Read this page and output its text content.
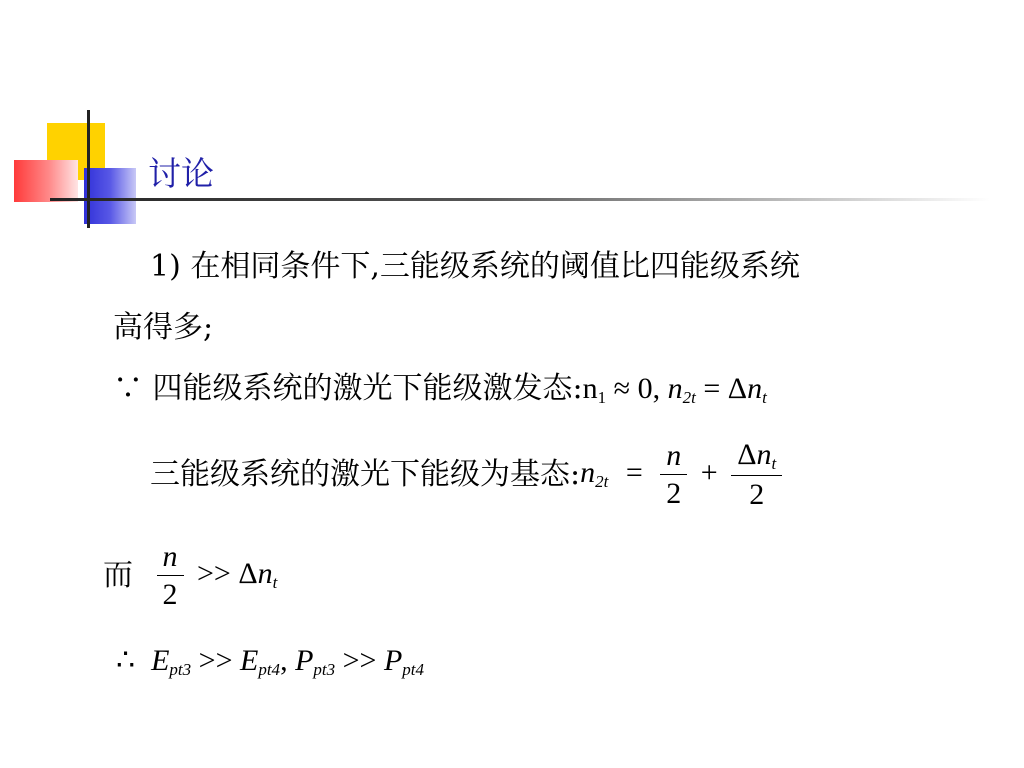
讨论
1) 在相同条件下,三能级系统的阈值比四能级系统
高得多;
∵ 四能级系统的激光下能级激发态$:n_1 \approx 0$, $n_{2t} = \Delta n_t$
三能级系统的激光下能级为基态$:n_{2t} = \frac{n}{2} + \frac{\Delta n_t}{2}$
而 $\frac{n}{2} >> \Delta n_t$
∴ $E_{pt3} >> E_{pt4}$, $P_{pt3} >> P_{pt4}$
